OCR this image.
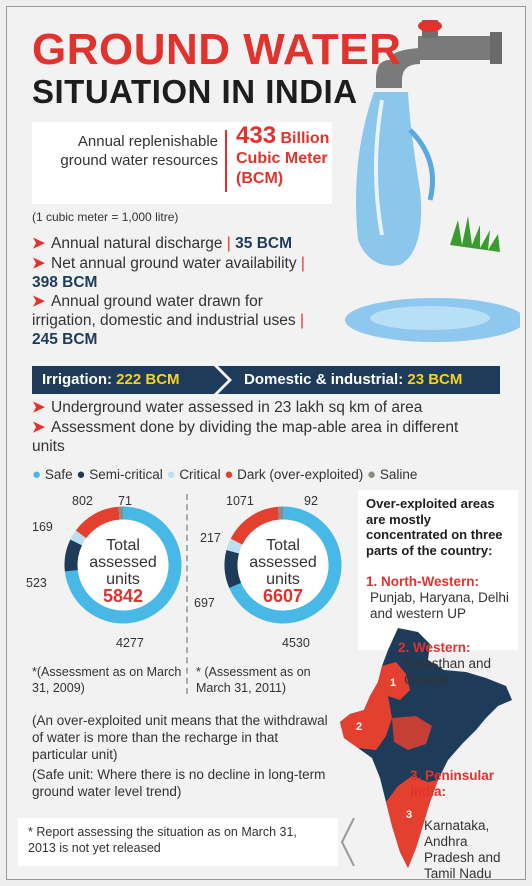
GROUND WATER
SITUATION IN INDIA
Annual replenishable ground water resources
433 Billion
Cubic Meter
(BCM)
(1 cubic meter = 1,000 litre)
➤ Annual natural discharge | 35 BCM
➤ Net annual ground water availability | 398 BCM
➤ Annual ground water drawn for irrigation, domestic and industrial uses | 245 BCM
Irrigation: 222 BCM	Domestic & industrial: 23 BCM
➤ Underground water assessed in 23 lakh sq km of area
➤ Assessment done by dividing the map-able area in different units
● Safe ● Semi-critical ● Critical ● Dark (over-exploited) ● Saline
802 71
169
523
4277
Total assessed units
5842
*(Assessment as on March 31, 2009)
1071	92
217
697
4530
Total assessed units
6607
* (Assessment as on March 31, 2011)
(An over-exploited unit means that the withdrawal of water is more than the recharge in that particular unit)
(Safe unit: Where there is no decline in long-term ground water level trend)
* Report assessing the situation as on March 31, 2013 is not yet released
Over-exploited areas are mostly concentrated on three parts of the country:
1
2
3
1. North-Western:
Punjab, Haryana, Delhi and western UP
2. Western:
Rajasthan and Gujarat
3. Peninsular India:
Karnataka, Andhra Pradesh and Tamil Nadu
